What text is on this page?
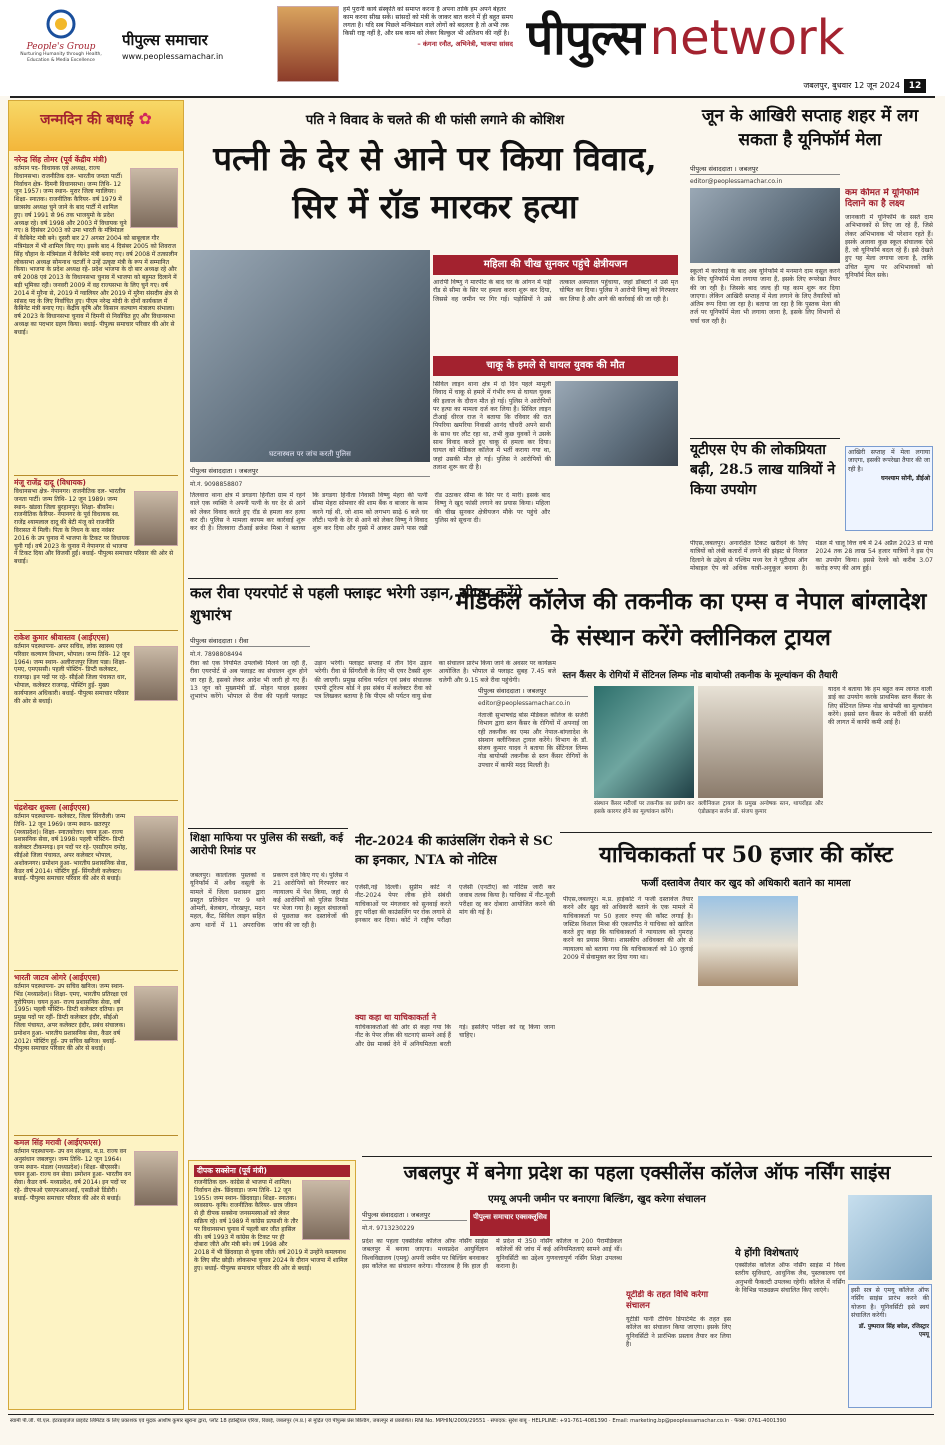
People's Group
Nurturing Humanity through Health, Education & Media Excellence
पीपुल्स समाचार
www.peoplessamachar.in
हमें पुरानी कार्य संस्कृति को समाप्त करना है अपना ताकि हम अपने बेहतर काम करना सीख सकें। सांसदों को मंत्री के जाकर बात करने में ही बहुत समय लगता है। यदि सब पिछले मन्त्रिमंडल वाले लोगों को बदलता है तो अभी तक किसी राष्ट्र नहीं है, और सब काम को लेकर बिल्कुल भी अतिशय की नहीं है।
– कंगना रनौत, अभिनेत्री, भाजपा सांसद पीपुल्स network
जबलपुर, बुधवार 12 जून 2024 12
जन्मदिन की बधाई ✿
नरेन्द्र सिंह तोमर (पूर्व केंद्रीय मंत्री)
वर्तमान पद- विधायक एवं अध्यक्ष, राज्य विधानसभा। राजनीतिक दल- भारतीय जनता पार्टी। निर्वाचन क्षेत्र- दिमनी विधानसभा। जन्म तिथि- 12 जून 1957। जन्म स्थान- मुरार जिला ग्वालियर। शिक्षा- स्नातक। राजनीतिक कैरियर- वर्ष 1979 में छात्रसंघ अध्यक्ष चुने जाने के बाद पार्टी में शामिल हुए। वर्ष 1991 से 96 तक भाजयुमो के प्रदेश अध्यक्ष रहे। वर्ष 1998 और 2003 में विधायक चुने गए। 8 दिसंबर 2003 को उमा भारती के मंत्रिमंडल में कैबिनेट मंत्री बने। दूसरी बार 27 अगस्त 2004 को बाबूलाल गौर मंत्रिमंडल में भी शामिल किए गए। इसके बाद 4 दिसंबर 2005 को शिवराज सिंह चौहान के मंत्रिमंडल में कैबिनेट मंत्री बनाए गए। वर्ष 2008 में तत्कालीन लोकसभा अध्यक्ष सोमनाथ चटर्जी ने उन्हें उत्कृष्ट मंत्री के रूप में सम्मानित किया। भाजपा के प्रदेश अध्यक्ष रहे- प्रदेश भाजपा के दो बार अध्यक्ष रहे और वर्ष 2008 एवं 2013 के विधानसभा चुनाव में भाजपा को बहुमत दिलाने में बड़ी भूमिका रही। जनवरी 2009 में वह राज्यसभा के लिए चुने गए। वर्ष 2014 में मुरैना से, 2019 में ग्वालियर और 2019 में मुरैना संसदीय क्षेत्र से सांसद पद के लिए निर्वाचित हुए। पीएम नरेन्द्र मोदी के दोनों कार्यकाल में कैबिनेट मंत्री बनाए गए। केंद्रीय कृषि और किसान कल्याण मंत्रालय संभाला। वर्ष 2023 के विधानसभा चुनाव में दिमनी से निर्वाचित हुए और विधानसभा अध्यक्ष का पदभार ग्रहण किया। बधाई- पीपुल्स समाचार परिवार की ओर से बधाई।
मंजू राजेंद्र दादू (विधायक)
विधानसभा क्षेत्र- नेपानगर। राजनीतिक दल- भारतीय जनता पार्टी। जन्म तिथि- 12 जून 1989। जन्म स्थान- खंडवा जिला बुरहानपुर। शिक्षा- बीकॉम। राजनीतिक कैरियर- नेपानगर के पूर्व विधायक स्व. राजेंद्र श्यामलाल दादू की बेटी मंजू को राजनीति विरासत में मिली। पिता के निधन के बाद नवंबर 2016 के उप चुनाव में भाजपा के टिकट पर विधायक चुनी गईं। वर्ष 2023 के चुनाव में नेपानगर से भाजपा ने टिकट दिया और विजयी हुईं। बधाई- पीपुल्स समाचार परिवार की ओर से बधाई।
राकेश कुमार श्रीवास्तव (आईएएस)
वर्तमान पदस्थापना- अपर सचिव, लोक स्वास्थ्य एवं परिवार कल्याण विभाग, भोपाल। जन्म तिथि- 12 जून 1964। जन्म स्थान- अलीराजपुर जिला पन्ना। शिक्षा- एमए, एमएससी। पहली पोस्टिंग- डिप्टी कलेक्टर, राजगढ़। इन पदों पर रहे- सीईओ जिला पंचायत धार, भोपाल, कलेक्टर राजगढ़, पोस्टिंग हुई- मुख्य कार्यपालन अधिकारी। बधाई- पीपुल्स समाचार परिवार की ओर से बधाई।
चंद्रशेखर शुक्ला (आईएएस)
वर्तमान पदस्थापना- कलेक्टर, जिला सिंगरौली। जन्म तिथि- 12 जून 1969। जन्म स्थान- छतरपुर (मध्यप्रदेश)। शिक्षा- स्नातकोत्तर। चयन हुआ- राज्य प्रशासनिक सेवा, वर्ष 1998। पहली पोस्टिंग- डिप्टी कलेक्टर टीकमगढ़। इन पदों पर रहे- एसडीएम दमोह, सीईओ जिला पंचायत, अपर कलेक्टर भोपाल, अशोकनगर। प्रमोशन हुआ- भारतीय प्रशासनिक सेवा, कैडर वर्ष 2014। पोस्टिंग हुई- सिंगरौली कलेक्टर। बधाई- पीपुल्स समाचार परिवार की ओर से बधाई।
भारती जाटव ओगरे (आईएएस)
वर्तमान पदस्थापना- उप सचिव खनिज। जन्म स्थान- भिंड (मध्यप्रदेश)। शिक्षा- एमए, भारतीय प्रतिरक्षा एवं यूरोपियन। चयन हुआ- राज्य प्रशासनिक सेवा, वर्ष 1995। पहली पोस्टिंग- डिप्टी कलेक्टर दतिया। इन प्रमुख पदों पर रहीं- डिप्टी कलेक्टर इंदौर, सीईओ जिला पंचायत, अपर कलेक्टर इंदौर, प्रबंध संचालक। प्रमोशन हुआ- भारतीय प्रशासनिक सेवा, कैडर वर्ष 2012। पोस्टिंग हुई- उप सचिव खनिज। बधाई- पीपुल्स समाचार परिवार की ओर से बधाई।
कमल सिंह मरावी (आईएफएस)
वर्तमान पदस्थापना- उप वन संरक्षक, म.प्र. राज्य वन अनुसंधान जबलपुर। जन्म तिथि- 12 जून 1964। जन्म स्थान- मंडला (मध्यप्रदेश)। शिक्षा- बीएससी। चयन हुआ- राज्य वन सेवा। प्रमोशन हुआ- भारतीय वन सेवा। कैडर वर्ष- मध्यप्रदेश, वर्ष 2014। इन पदों पर रहे- डीएफओ एसएफआरआई, एसडीओ डिंडोरी। बधाई- पीपुल्स समाचार परिवार की ओर से बधाई।
दीपक सक्सेना (पूर्व मंत्री)
राजनीतिक दल- कांग्रेस से भाजपा में शामिल। निर्वाचन क्षेत्र- छिंदवाड़ा। जन्म तिथि- 12 जून 1955। जन्म स्थान- छिंदवाड़ा। शिक्षा- स्नातक। व्यवसाय- कृषि। राजनीतिक कैरियर- छात्र जीवन से ही दीपक सक्सेना जनसमस्याओं को लेकर सक्रिय रहे। वर्ष 1989 में कांग्रेस प्रत्याशी के तौर पर विधानसभा चुनाव में पहली बार जीत हासिल की। वर्ष 1993 में कांग्रेस के टिकट पर ही दोबारा जीते और मंत्री बने। वर्ष 1998 और 2018 में भी छिंदवाड़ा से चुनाव जीते। वर्ष 2019 में उन्होंने कमलनाथ के लिए सीट छोड़ी। लोकसभा चुनाव 2024 के दौरान भाजपा में शामिल हुए। बधाई- पीपुल्स समाचार परिवार की ओर से बधाई।
पति ने विवाद के चलते की थी फांसी लगाने की कोशिश
पत्नी के देर से आने पर किया विवाद, सिर में रॉड मारकर हत्या
घटनास्थल पर जांच करती पुलिस
महिला की चीख सुनकर पहुंचे क्षेत्रीयजन
आरोपी विष्णु ने मारपीट के बाद घर के आंगन में पड़ी रॉड से सीमा के सिर पर हमला करना शुरू कर दिया, जिससे वह जमीन पर गिर गई। पड़ोसियों ने उसे तत्काल अस्पताल पहुंचाया, जहां डॉक्टरों ने उसे मृत घोषित कर दिया। पुलिस ने आरोपी विष्णु को गिरफ्तार कर लिया है और आगे की कार्रवाई की जा रही है।
चाकू के हमले से घायल युवक की मौत
सिविल लाइन थाना क्षेत्र में दो दिन पहले मामूली विवाद में चाकू से हमले में गंभीर रूप से घायल युवक की इलाज के दौरान मौत हो गई। पुलिस ने आरोपियों पर हत्या का मामला दर्ज कर लिया है। सिविल लाइन टीआई धीरज राज ने बताया कि रविवार की रात पिपरिया खमरिया निवासी आनंद चौधरी अपने साथी के साथ घर लौट रहा था, तभी कुछ युवकों ने उसके साथ विवाद करते हुए चाकू से हमला कर दिया। घायल को मेडिकल कॉलेज में भर्ती कराया गया था, जहां उसकी मौत हो गई। पुलिस ने आरोपियों की तलाश शुरू कर दी है।
पीपुल्स संवाददाता । जबलपुर
मो.नं. 9098858807
तिलवारा थाना क्षेत्र में डगडगा हिनौता ग्राम में रहने वाले एक व्यक्ति ने अपनी पत्नी के घर देर से आने को लेकर विवाद करते हुए रॉड से हमला कर हत्या कर दी। पुलिस ने मामला कायम कर कार्रवाई शुरू कर दी है। तिलवारा टीआई ब्रजेश मिश्रा ने बताया कि डगडगा हिनौता निवासी विष्णु मेहरा की पत्नी सीमा मेहरा सोमवार की शाम बैंक व बाजार के काम करने गई थी, जो शाम को लगभग साढ़े 6 बजे घर लौटी। पत्नी के देर से आने को लेकर विष्णु ने विवाद शुरू कर दिया और गुस्से में आकर उसने पास रखी रॉड उठाकर सीमा के सिर पर दे मारी। इसके बाद विष्णु ने खुद फांसी लगाने का प्रयास किया। महिला की चीख सुनकर क्षेत्रीयजन मौके पर पहुंचे और पुलिस को सूचना दी।
जून के आखिरी सप्ताह शहर में लग सकता है यूनिफॉर्म मेला
पीपुल्स संवाददाता । जबलपुर
editor@peoplessamachar.co.in
स्कूलों में कार्रवाई के बाद अब यूनिफॉर्म में मनमाने दाम वसूल करने के लिए यूनिफॉर्म मेला लगाया जाना है, इसके लिए रूपरेखा तैयार की जा रही है। जिसके बाद जल्द ही यह काम शुरू कर दिया जाएगा। लेकिन आखिरी सप्ताह में मेला लगाने के लिए तैयारियों को अंतिम रूप दिया जा रहा है। बताया जा रहा है कि पुस्तक मेला की तर्ज पर यूनिफॉर्म मेला भी लगाया जाना है, इसके लिए विभागों से चर्चा चल रही है।
कम कीमत में यूनिफॉर्म दिलाने का है लक्ष्य
जानकारी में यूनिफॉर्म के सस्ते दाम अभिभावकों से लिए जा रहे हैं, जिसे लेकर अभिभावक भी परेशान रहते हैं। इसके अलावा कुछ स्कूल संचालक ऐसे हैं, जो यूनिफॉर्म बदल रहे हैं। इसे देखते हुए यह मेला लगाया जाना है, ताकि उचित मूल्य पर अभिभावकों को यूनिफॉर्म मिल सके।
आखिरी सप्ताह में मेला लगाया जाएगा, इसकी रूपरेखा तैयार की जा रही है।
घनश्याम सोनी, डीईओ
यूटीएस ऐप की लोकप्रियता बढ़ी, 28.5 लाख यात्रियों ने किया उपयोग
पीएस,जबलपुर। अनारक्षित टिकट खरीदने के लिए यात्रियों को लंबी कतारों में लगने की झंझट से निजात दिलाने के उद्देश्य से पश्चिम मध्य रेल ने यूटीएस ऑन मोबाइल ऐप को अधिक यात्री-अनुकूल बनाया है। मंडल में चालू वित्त वर्ष में 24 अप्रैल 2023 से मार्च 2024 तक 28 लाख 54 हजार यात्रियों ने इस ऐप का उपयोग किया। इससे रेलवे को करीब 3.07 करोड़ रुपए की आय हुई।
कल रीवा एयरपोर्ट से पहली फ्लाइट भरेगी उड़ान, सीएम करेंगे शुभारंभ
पीपुल्स संवाददाता । रीवा
मो.नं. 7898808494
रीवा को एक नियमित उपलब्धि मिलने जा रही है, रीवा एयरपोर्ट से अब फ्लाइट का संचालन शुरू होने जा रहा है, इसको लेकर आदेश भी जारी हो गए हैं। 13 जून को मुख्यमंत्री डॉ. मोहन यादव इसका शुभारंभ करेंगे। भोपाल से रीवा की पहली फ्लाइट उड़ान भरेगी। फ्लाइट सप्ताह में तीन दिन उड़ान भरेगी। रीवा से सिंगरौली के लिए भी एयर टैक्सी शुरू की जाएगी। प्रमुख सचिव पर्यटन एवं प्रबंध संचालक एमपी टूरिज्म बोर्ड ने इस संबंध में कलेक्टर रीवा को पत्र लिखकर बताया है कि पीएम श्री पर्यटन वायु सेवा का संचालन प्रारंभ किया जाने के अवसर पर कार्यक्रम आयोजित है। भोपाल से फ्लाइट सुबह 7.45 बजे चलेगी और 9.15 बजे रीवा पहुंचेगी।
शिक्षा माफिया पर पुलिस की सख्ती, कई आरोपी रिमांड पर
जबलपुर। कालांतक पुस्तकों व यूनिफॉर्म में अवैध वसूली के मामले में जिला प्रशासन द्वारा प्रस्तुत प्रतिवेदन पर 9 थाने ओमती, बेलबाग, गोरखपुर, मदन महल, कैंट, सिविल लाइन सहित अन्य थानों में 11 अपराधिक प्रकरण दर्ज किए गए थे। पुलिस ने 21 आरोपियों को गिरफ्तार कर न्यायालय में पेश किया, जहां से कई आरोपियों को पुलिस रिमांड पर भेजा गया है। स्कूल संचालकों से पूछताछ कर दस्तावेजों की जांच की जा रही है।
नीट-2024 की काउंसलिंग रोकने से SC का इनकार, NTA को नोटिस
एजेंसी,नई दिल्ली। सुप्रीम कोर्ट ने नीट-2024 पेपर लीक होने संबंधी याचिकाओं पर मंगलवार को सुनवाई करते हुए परीक्षा की काउंसलिंग पर रोक लगाने से इनकार कर दिया। कोर्ट ने राष्ट्रीय परीक्षा एजेंसी (एनटीए) को नोटिस जारी कर जवाब तलब किया है। याचिका में नीट-यूजी परीक्षा रद्द कर दोबारा आयोजित करने की मांग की गई है।
क्या कहा था याचिकाकर्ता ने
याचिकाकर्ताओं की ओर से कहा गया कि नीट के पेपर लीक की घटनाएं सामने आई हैं और ग्रेस मार्क्स देने में अनियमितता बरती गई। इसलिए परीक्षा को रद्द किया जाना चाहिए।
मेडिकल कॉलेज की तकनीक का एम्स व नेपाल बांग्लादेश के संस्थान करेंगे क्लीनिकल ट्रायल
स्तन कैंसर के रोगियों में सेंटिनल लिम्फ नोड बायोप्सी तकनीक के मूल्यांकन की तैयारी
पीपुल्स संवाददाता । जबलपुर
editor@peoplessamachar.co.in
नेताजी सुभाषचंद्र बोस मेडिकल कॉलेज के सर्जरी विभाग द्वारा स्तन कैंसर के रोगियों में अपनाई जा रही तकनीक का एम्स और नेपाल-बांग्लादेश के संस्थान क्लीनिकल ट्रायल करेंगे। विभाग के डॉ. संजय कुमार यादव ने बताया कि सेंटिनल लिम्फ नोड बायोप्सी तकनीक से स्तन कैंसर रोगियों के उपचार में काफी मदद मिलती है।
संस्थान कैंसर मरीजों पर तकनीक का प्रयोग कर इसके कारगर होने का मूल्यांकन करेंगे।
क्लीनिकल ट्रायल के प्रमुख अन्वेषक स्तन, थायरॉइड और एंडोक्राइन सर्जन डॉ. संजय कुमार
यादव ने बताया कि हम बहुत कम लागत वाली डाई का उपयोग करके प्राथमिक स्तन कैंसर के लिए सेंटिनल लिम्फ नोड बायोप्सी का मूल्यांकन करेंगे। इससे स्तन कैंसर के मरीजों की सर्जरी की लागत में काफी कमी आई है।
याचिकाकर्ता पर 50 हजार की कॉस्ट
फर्जी दस्तावेज तैयार कर खुद को अधिकारी बताने का मामला
पीएस,जबलपुर। म.प्र. हाईकोर्ट ने फर्जी दस्तावेज तैयार करने और खुद को अधिकारी बताने के एक मामले में याचिकाकर्ता पर 50 हजार रुपए की कॉस्ट लगाई है। जस्टिस विशाल मिश्रा की एकलपीठ ने याचिका को खारिज करते हुए कहा कि याचिकाकर्ता ने न्यायालय को गुमराह करने का प्रयास किया। शासकीय अधिवक्ता की ओर से न्यायालय को बताया गया कि याचिकाकर्ता को 10 जुलाई 2009 में सेवामुक्त कर दिया गया था।
जबलपुर में बनेगा प्रदेश का पहला एक्सीलेंस कॉलेज ऑफ नर्सिंग साइंस
एमयू अपनी जमीन पर बनाएगा बिल्डिंग, खुद करेगा संचालन
पीपुल्स संवाददाता । जबलपुर
मो.नं. 9713230229
पीपुल्स समाचार एक्सक्लूसिव
प्रदेश का पहला एक्सीलेंस कॉलेज ऑफ नर्सिंग साइंस जबलपुर में बनाया जाएगा। मध्यप्रदेश आयुर्विज्ञान विश्वविद्यालय (एमयू) अपनी जमीन पर बिल्डिंग बनवाकर इस कॉलेज का संचालन करेगा। गौरतलब है कि हाल ही में प्रदेश में 350 नर्सिंग कॉलेज व 200 पैरामेडिकल कॉलेजों की जांच में कई अनियमितताएं सामने आई थीं। यूनिवर्सिटी का उद्देश्य गुणवत्तापूर्ण नर्सिंग शिक्षा उपलब्ध कराना है।
यूटीडी के तहत विधि करेगा संचालन
यूटीडी यानी टीचिंग डिपार्टमेंट के तहत इस कॉलेज का संचालन किया जाएगा। इसके लिए यूनिवर्सिटी ने प्रारंभिक प्रस्ताव तैयार कर लिया है।
ये होंगी विशेषताएं
एक्सीलेंस कॉलेज ऑफ नर्सिंग साइंस में विश्व स्तरीय सुविधाएं, आधुनिक लैब, पुस्तकालय एवं अनुभवी फैकल्टी उपलब्ध रहेगी। कॉलेज में नर्सिंग के विभिन्न पाठ्यक्रम संचालित किए जाएंगे।	इसी सत्र से एमयू कॉलेज ऑफ नर्सिंग साइंस प्रारंभ करने की योजना है। यूनिवर्सिटी इसे स्वयं संचालित करेगी।
डॉ. पुष्पराज सिंह बघेल, रजिस्ट्रार एमयू
स्वामी पी.जी. पी.एल. इंटरप्राइजेज प्राइवेट लिमिटेड के लिए प्रकाशक एवं मुद्रक आशीष कुमार खुराना द्वारा, प्लॉट 18 इंडस्ट्रियल एरिया, रिछाई, जबलपुर (म.प्र.) से मुद्रित एवं पीपुल्स प्रेस बिल्डिंग, जबलपुर से प्रकाशित। RNI No. MPHIN/2009/29551 · संपादक: सुरेश बाबू · HELPLINE: +91-761-4081390 · Email: marketing.bp@peoplessamachar.co.in · फैक्स: 0761-4001390
